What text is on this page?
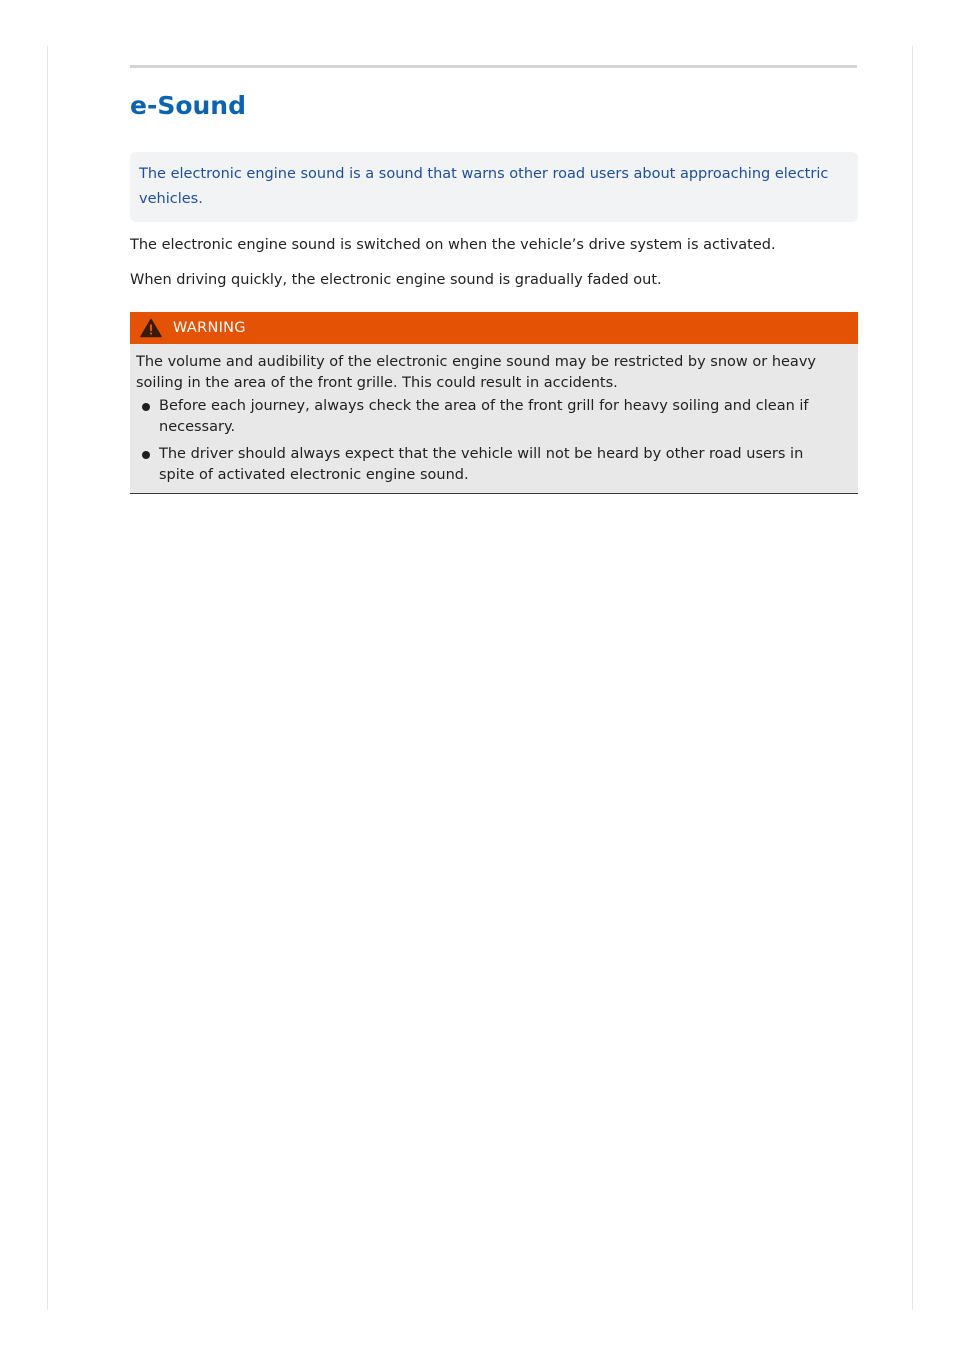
e-Sound
The electronic engine sound is a sound that warns other road users about approaching electric vehicles.

The electronic engine sound is switched on when the vehicle’s drive system is activated.

When driving quickly, the electronic engine sound is gradually faded out.

WARNING

The volume and audibility of the electronic engine sound may be restricted by snow or heavy soiling in the area of the front grille. This could result in accidents.

Before each journey, always check the area of the front grill for heavy soiling and clean if necessary.
The driver should always expect that the vehicle will not be heard by other road users in spite of activated electronic engine sound.
